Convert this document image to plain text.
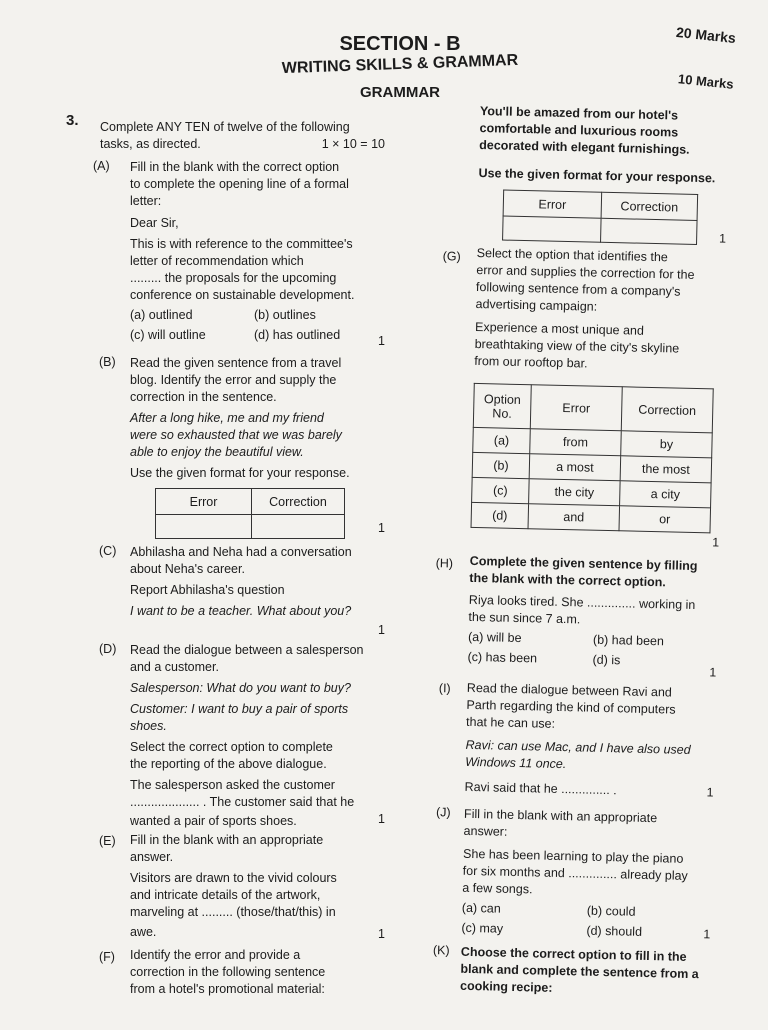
SECTION - B	20 Marks
WRITING SKILLS & GRAMMAR
GRAMMAR
10 Marks
3. Complete ANY TEN of twelve of the following
tasks, as directed.	1 × 10 = 10
(A) Fill in the blank with the correct option
to complete the opening line of a formal
letter:
Dear Sir,
This is with reference to the committee's
letter of recommendation which
......... the proposals for the upcoming
conference on sustainable development.
(a) outlined	(b) outlines
(c) will outline	(d) has outlined	1
(B) Read the given sentence from a travel
blog. Identify the error and supply the
correction in the sentence.
After a long hike, me and my friend
were so exhausted that we was barely
able to enjoy the beautiful view.
Use the given format for your response.
Error	Correction

1
(C) Abhilasha and Neha had a conversation
about Neha's career.
Report Abhilasha's question
I want to be a teacher. What about you?
1
(D) Read the dialogue between a salesperson
and a customer.
Salesperson: What do you want to buy?
Customer: I want to buy a pair of sports
shoes.
Select the correct option to complete
the reporting of the above dialogue.
The salesperson asked the customer
.................... . The customer said that he
wanted a pair of sports shoes.	1
(E) Fill in the blank with an appropriate
answer.
Visitors are drawn to the vivid colours
and intricate details of the artwork,
marveling at ......... (those/that/this) in
awe.	1
(F) Identify the error and provide a
correction in the following sentence
from a hotel's promotional material:
You'll be amazed from our hotel's
comfortable and luxurious rooms
decorated with elegant furnishings.
Use the given format for your response.
Error	Correction

1
(G) Select the option that identifies the
error and supplies the correction for the
following sentence from a company's
advertising campaign:
Experience a most unique and
breathtaking view of the city's skyline
from our rooftop bar.
Option No.	Error	Correction
(a)	from	by
(b)	a most	the most
(c)	the city	a city
(d)	and	or
1
(H) Complete the given sentence by filling
the blank with the correct option.
Riya looks tired. She .............. working in
the sun since 7 a.m.
(a) will be	(b) had been
(c) has been	(d) is
1
(I) Read the dialogue between Ravi and
Parth regarding the kind of computers
that he can use:
Ravi: can use Mac, and I have also used
Windows 11 once.
Ravi said that he .............. .	1
(J) Fill in the blank with an appropriate
answer:
She has been learning to play the piano
for six months and .............. already play
a few songs.
(a) can	(b) could
(c) may	(d) should	1
(K) Choose the correct option to fill in the
blank and complete the sentence from a
cooking recipe:
